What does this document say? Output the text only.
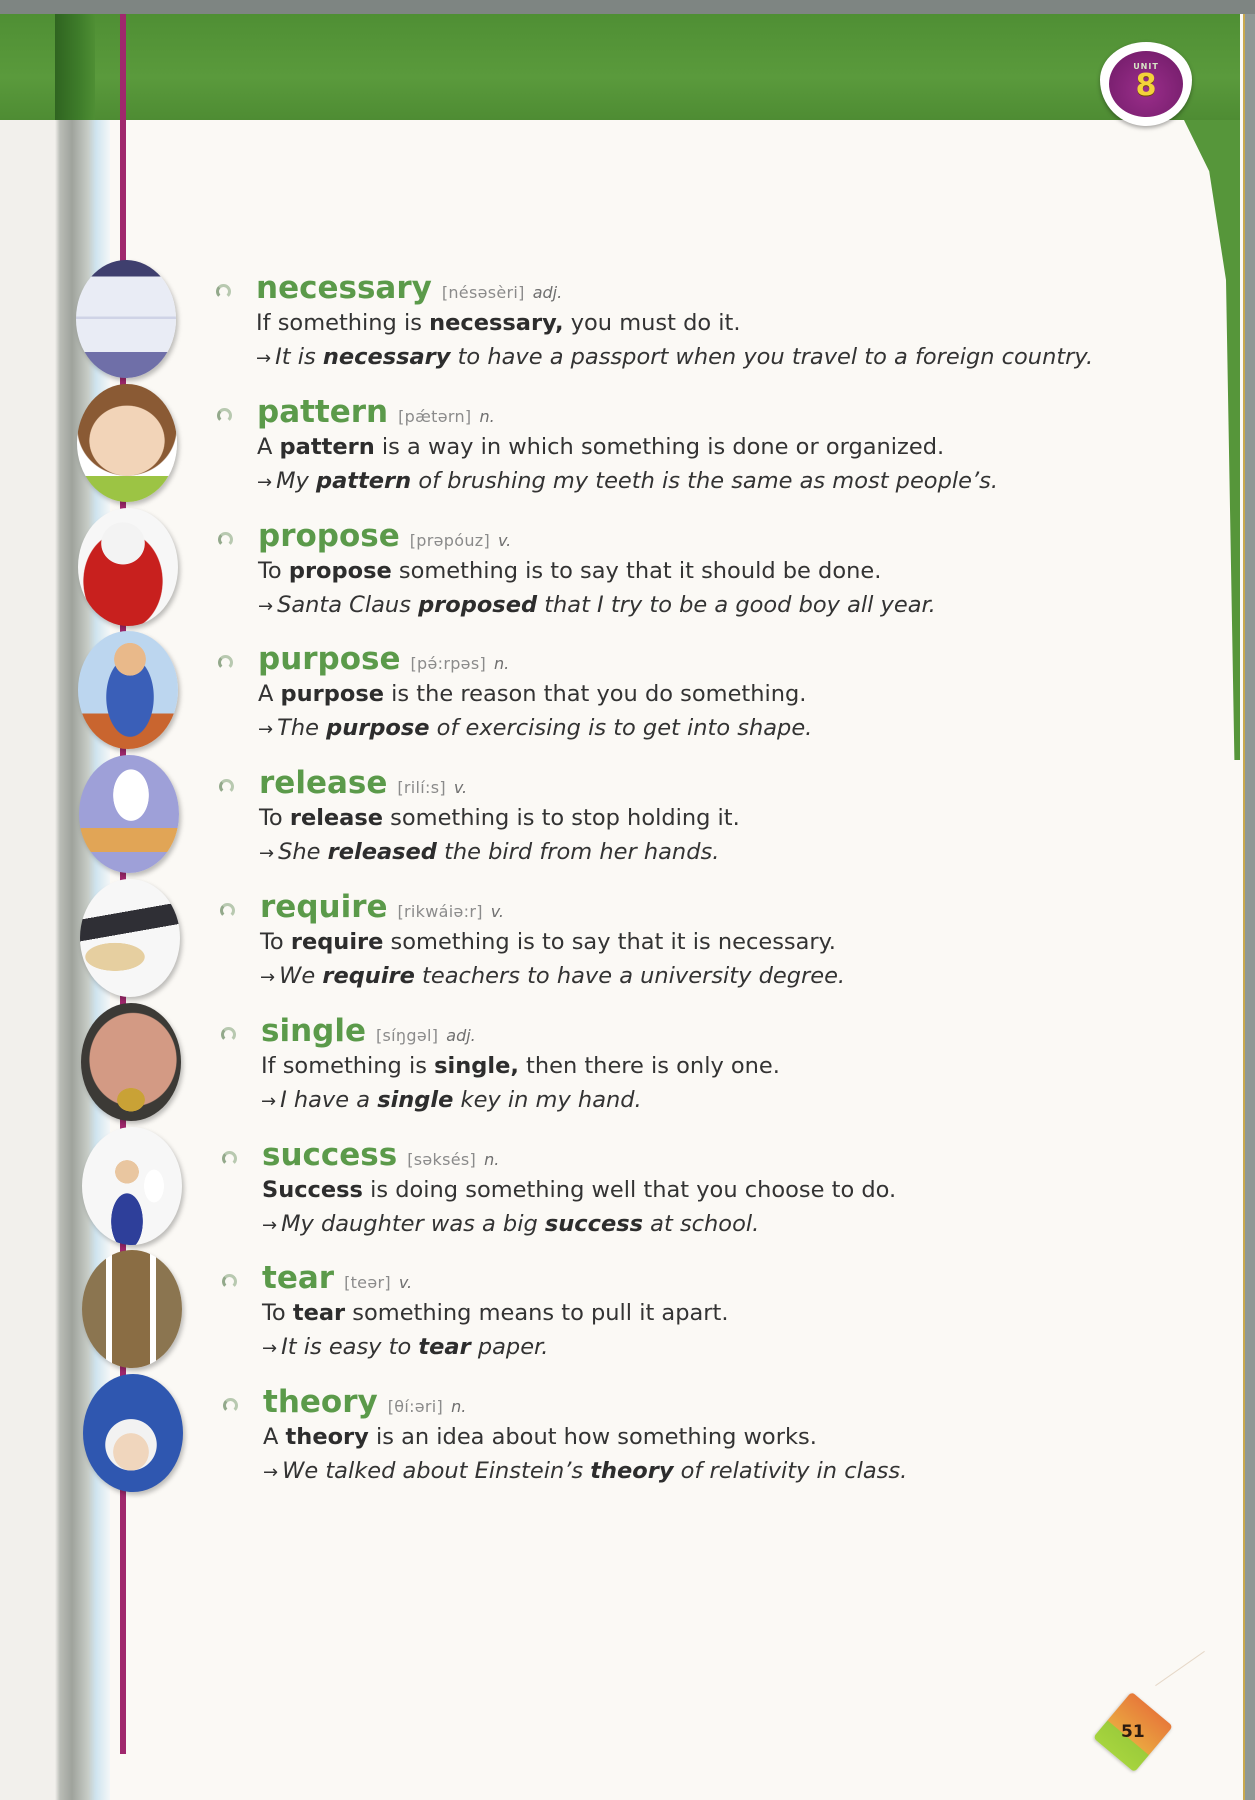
UNIT
8
necessary [nésəsèri] adj.
If something is necessary, you must do it.
→ It is necessary to have a passport when you travel to a foreign country.
pattern [pǽtərn] n.
A pattern is a way in which something is done or organized.
→ My pattern of brushing my teeth is the same as most people’s.
propose [prəpóuz] v.
To propose something is to say that it should be done.
→ Santa Claus proposed that I try to be a good boy all year.
purpose [pə́:rpəs] n.
A purpose is the reason that you do something.
→ The purpose of exercising is to get into shape.
release [rilí:s] v.
To release something is to stop holding it.
→ She released the bird from her hands.
require [rikwáiə:r] v.
To require something is to say that it is necessary.
→ We require teachers to have a university degree.
single [síŋgəl] adj.
If something is single, then there is only one.
→ I have a single key in my hand.
success [səksés] n.
Success is doing something well that you choose to do.
→ My daughter was a big success at school.
tear [teər] v.
To tear something means to pull it apart.
→ It is easy to tear paper.
theory [θí:əri] n.
A theory is an idea about how something works.
→ We talked about Einstein’s theory of relativity in class.
51
